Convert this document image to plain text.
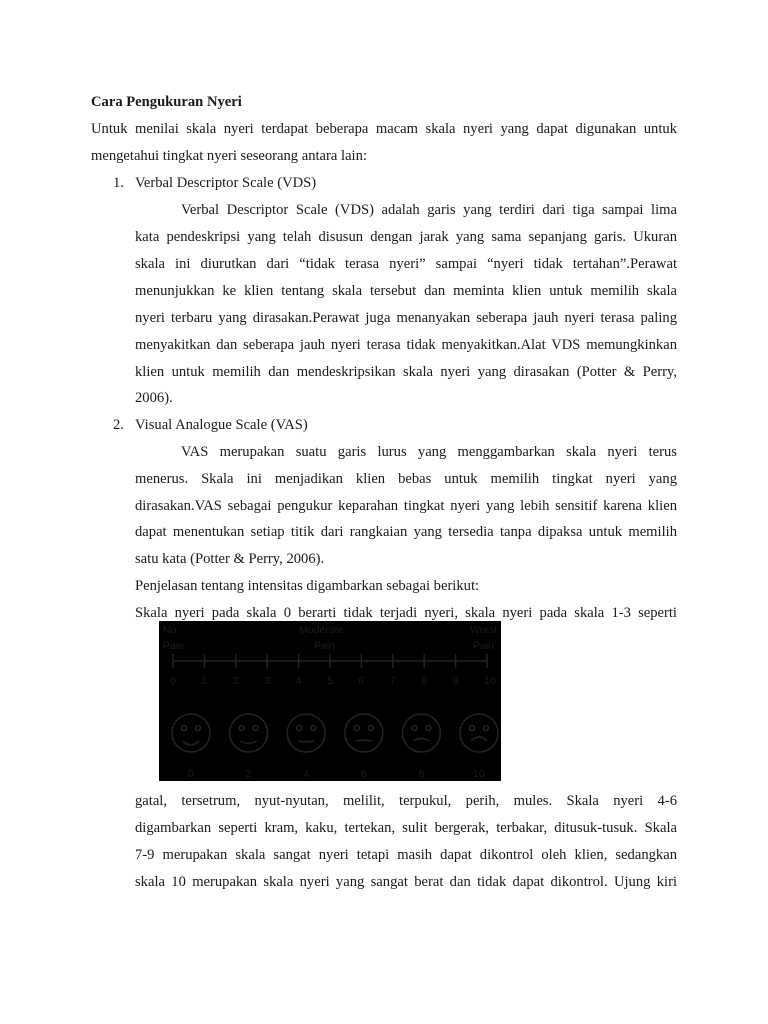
Cara Pengukuran Nyeri
Untuk menilai skala nyeri terdapat beberapa macam skala nyeri yang dapat digunakan untuk
mengetahui tingkat nyeri seseorang antara lain:
1. Verbal Descriptor Scale (VDS)
Verbal Descriptor Scale (VDS) adalah garis yang terdiri dari tiga sampai lima
kata pendeskripsi yang telah disusun dengan jarak yang sama sepanjang garis. Ukuran
skala ini diurutkan dari “tidak terasa nyeri” sampai “nyeri tidak tertahan”.Perawat
menunjukkan ke klien tentang skala tersebut dan meminta klien untuk memilih skala
nyeri terbaru yang dirasakan.Perawat juga menanyakan seberapa jauh nyeri terasa paling
menyakitkan dan seberapa jauh nyeri terasa tidak menyakitkan.Alat VDS memungkinkan
klien untuk memilih dan mendeskripsikan skala nyeri yang dirasakan (Potter & Perry,
2006).
2. Visual Analogue Scale (VAS)
VAS merupakan suatu garis lurus yang menggambarkan skala nyeri terus
menerus. Skala ini menjadikan klien bebas untuk memilih tingkat nyeri yang
dirasakan.VAS sebagai pengukur keparahan tingkat nyeri yang lebih sensitif karena klien
dapat menentukan setiap titik dari rangkaian yang tersedia tanpa dipaksa untuk memilih
satu kata (Potter & Perry, 2006).
Penjelasan tentang intensitas digambarkan sebagai berikut:
Skala nyeri pada skala 0 berarti tidak terjadi nyeri, skala nyeri pada skala 1-3 seperti
No
Pain
Moderate
Pain
Worst
Pain
0 1 2 3 4 5 6 7 8 9 10
0	2	4	6	8	10
gatal, tersetrum, nyut-nyutan, melilit, terpukul, perih, mules. Skala nyeri 4-6
digambarkan seperti kram, kaku, tertekan, sulit bergerak, terbakar, ditusuk-tusuk. Skala
7-9 merupakan skala sangat nyeri tetapi masih dapat dikontrol oleh klien, sedangkan
skala 10 merupakan skala nyeri yang sangat berat dan tidak dapat dikontrol. Ujung kiri
